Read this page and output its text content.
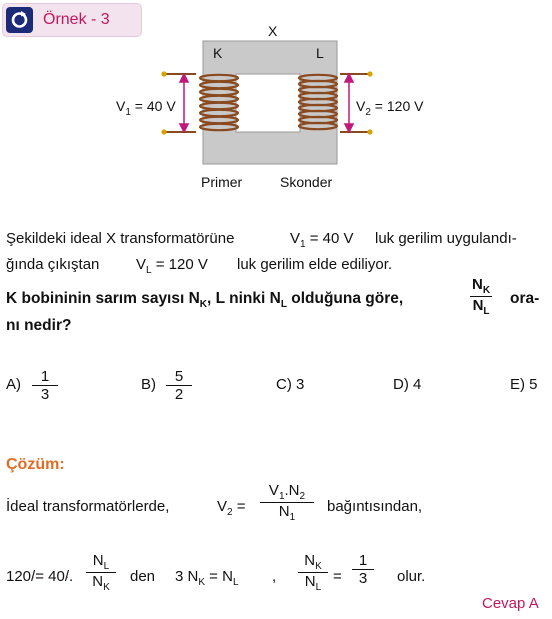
Örnek - 3
X
K	L
$V_1 = 40$ V	$V_2 = 120$ V
Primer	Skonder
Şekildeki ideal X transformatörüne	$V_1 = 40$ V luk gerilim uygulandı-
ğında çıkıştan $V_L = 120$ V luk gerilim elde ediliyor.
K bobininin sarım sayısı $N_K$, L ninki $N_L$ olduğuna göre,
$N_K$
$N_L$
ora-
nı nedir?
A)	1
3
B)	5
2
C) 3	D) 4	E) 5
Çözüm:
İdeal transformatörlerde,	$V_2$ =
$V_1.N_2$
$N_1$
bağıntısından,
120/= 40/.
$N_L$
$N_K$
den 3 $N_K = N_L$ ,
$N_K$
$N_L$
=
1
3	olur.
Cevap A
